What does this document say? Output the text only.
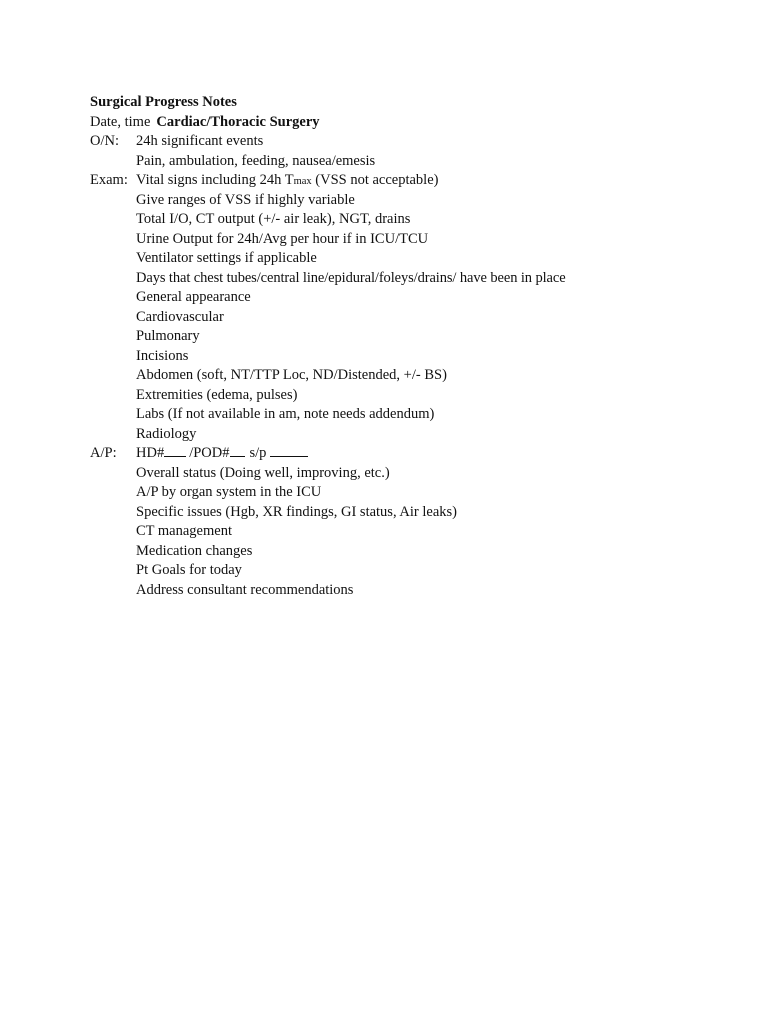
Surgical Progress Notes
Date, time Cardiac/Thoracic Surgery
O/N:	24h significant events
Pain, ambulation, feeding, nausea/emesis
Exam: Vital signs including 24h Tmax (VSS not acceptable)
Give ranges of VSS if highly variable
Total I/O, CT output (+/- air leak), NGT, drains
Urine Output for 24h/Avg per hour if in ICU/TCU
Ventilator settings if applicable
Days that chest tubes/central line/epidural/foleys/drains/ have been in place
General appearance
Cardiovascular
Pulmonary
Incisions
Abdomen (soft, NT/TTP Loc, ND/Distended, +/- BS)
Extremities (edema, pulses)
Labs (If not available in am, note needs addendum)
Radiology
A/P:	HD# /POD# s/p
Overall status (Doing well, improving, etc.)
A/P by organ system in the ICU
Specific issues (Hgb, XR findings, GI status, Air leaks)
CT management
Medication changes
Pt Goals for today
Address consultant recommendations
